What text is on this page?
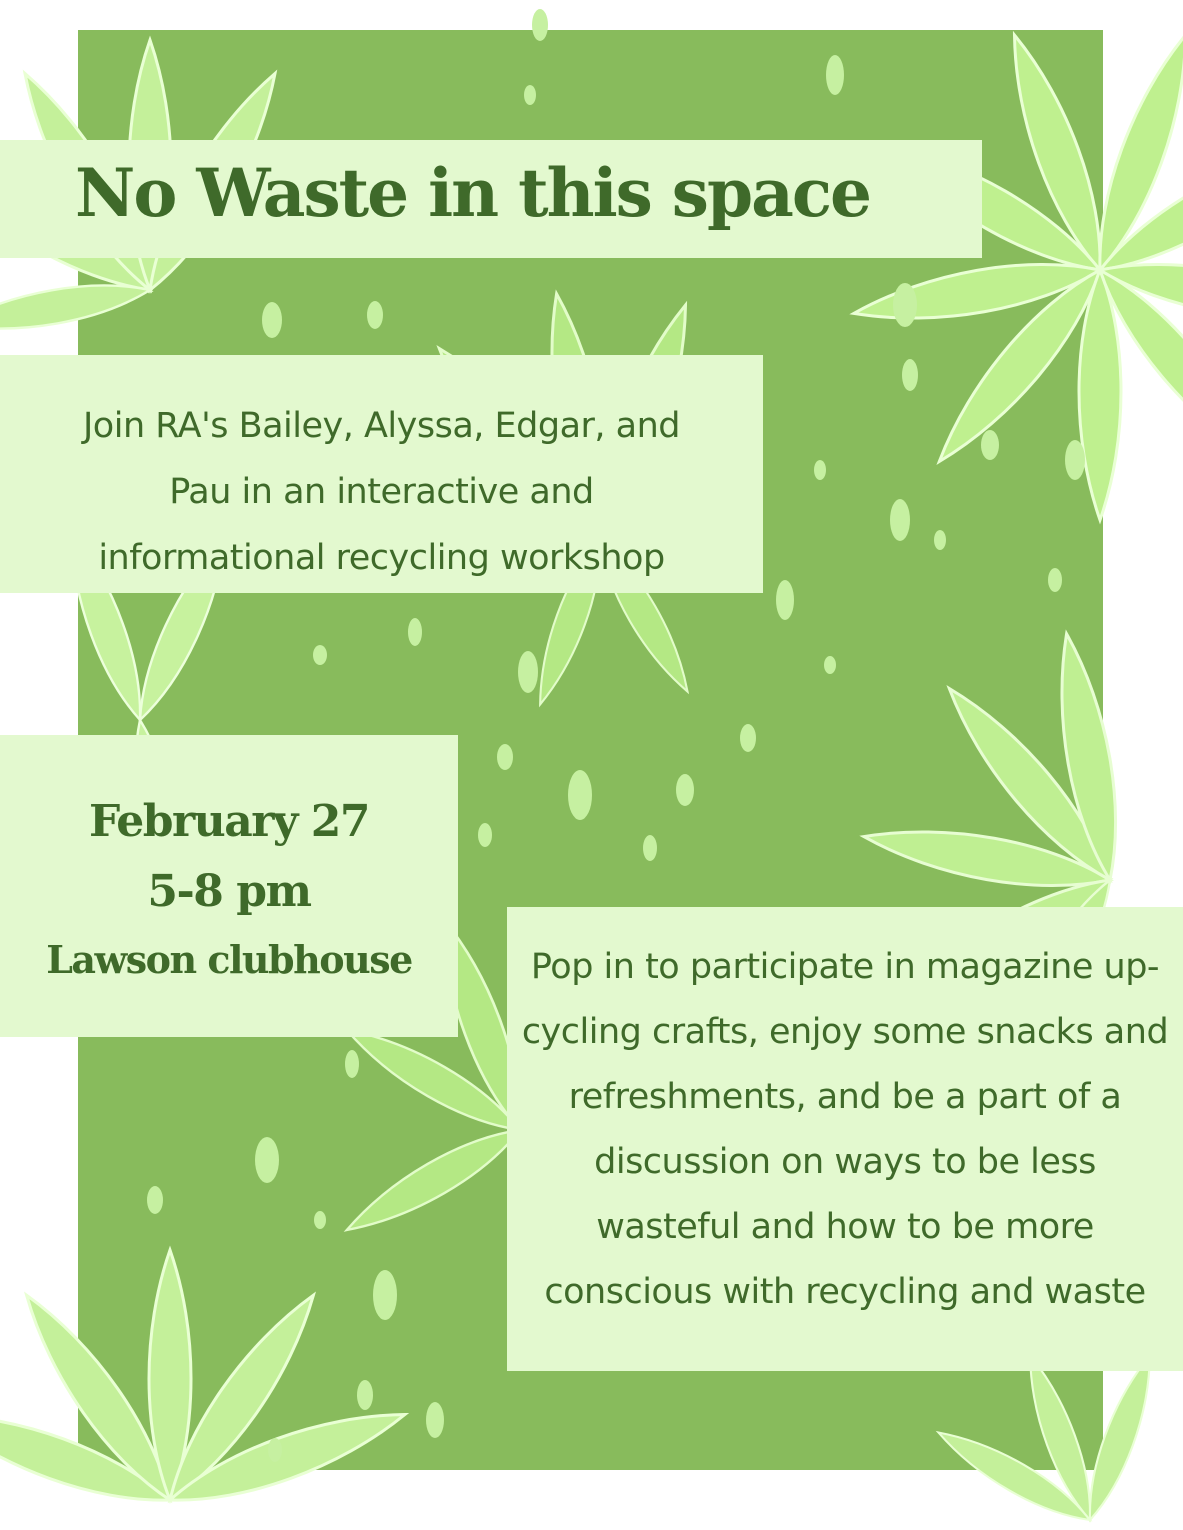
No Waste in this space

Join RA's Bailey, Alyssa, Edgar, and Pau in an interactive and informational recycling workshop

February 27
5-8 pm
Lawson clubhouse	Pop in to participate in magazine up-cycling crafts, enjoy some snacks and refreshments, and be a part of a discussion on ways to be less wasteful and how to be more conscious with recycling and waste
